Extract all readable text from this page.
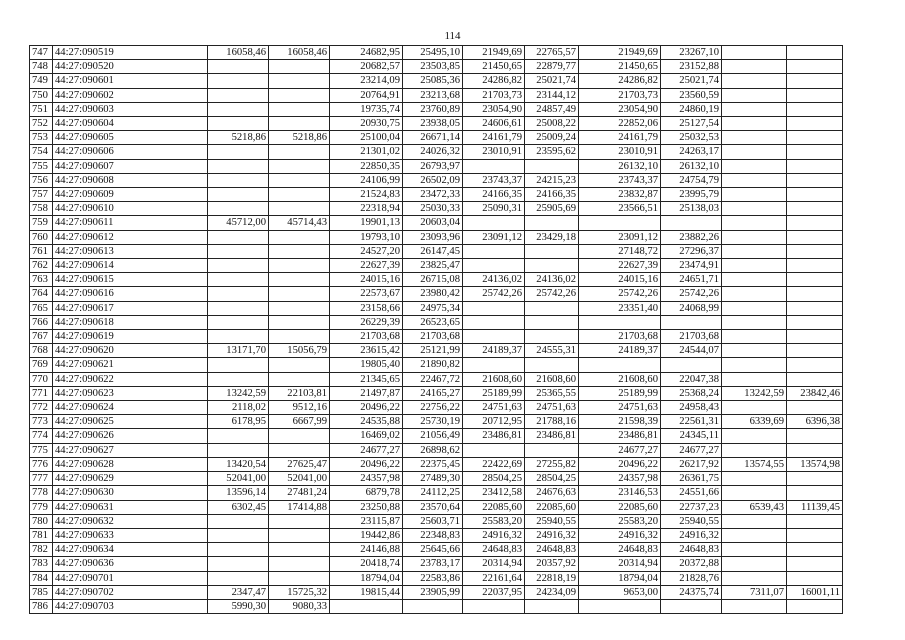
114
747	44:27:090519	16058,46	16058,46	24682,95	25495,10	21949,69	22765,57	21949,69	23267,10		
748	44:27:090520			20682,57	23503,85	21450,65	22879,77	21450,65	23152,88		
749	44:27:090601			23214,09	25085,36	24286,82	25021,74	24286,82	25021,74		
750	44:27:090602			20764,91	23213,68	21703,73	23144,12	21703,73	23560,59		
751	44:27:090603			19735,74	23760,89	23054,90	24857,49	23054,90	24860,19		
752	44:27:090604			20930,75	23938,05	24606,61	25008,22	22852,06	25127,54		
753	44:27:090605	5218,86	5218,86	25100,04	26671,14	24161,79	25009,24	24161,79	25032,53		
754	44:27:090606			21301,02	24026,32	23010,91	23595,62	23010,91	24263,17		
755	44:27:090607			22850,35	26793,97			26132,10	26132,10		
756	44:27:090608			24106,99	26502,09	23743,37	24215,23	23743,37	24754,79		
757	44:27:090609			21524,83	23472,33	24166,35	24166,35	23832,87	23995,79		
758	44:27:090610			22318,94	25030,33	25090,31	25905,69	23566,51	25138,03		
759	44:27:090611	45712,00	45714,43	19901,13	20603,04						
760	44:27:090612			19793,10	23093,96	23091,12	23429,18	23091,12	23882,26		
761	44:27:090613			24527,20	26147,45			27148,72	27296,37		
762	44:27:090614			22627,39	23825,47			22627,39	23474,91		
763	44:27:090615			24015,16	26715,08	24136,02	24136,02	24015,16	24651,71		
764	44:27:090616			22573,67	23980,42	25742,26	25742,26	25742,26	25742,26		
765	44:27:090617			23158,66	24975,34			23351,40	24068,99		
766	44:27:090618			26229,39	26523,65						
767	44:27:090619			21703,68	21703,68			21703,68	21703,68		
768	44:27:090620	13171,70	15056,79	23615,42	25121,99	24189,37	24555,31	24189,37	24544,07		
769	44:27:090621			19805,40	21890,82						
770	44:27:090622			21345,65	22467,72	21608,60	21608,60	21608,60	22047,38		
771	44:27:090623	13242,59	22103,81	21497,87	24165,27	25189,99	25365,55	25189,99	25368,24	13242,59	23842,46
772	44:27:090624	2118,02	9512,16	20496,22	22756,22	24751,63	24751,63	24751,63	24958,43		
773	44:27:090625	6178,95	6667,99	24535,88	25730,19	20712,95	21788,16	21598,39	22561,31	6339,69	6396,38
774	44:27:090626			16469,02	21056,49	23486,81	23486,81	23486,81	24345,11		
775	44:27:090627			24677,27	26898,62			24677,27	24677,27		
776	44:27:090628	13420,54	27625,47	20496,22	22375,45	22422,69	27255,82	20496,22	26217,92	13574,55	13574,98
777	44:27:090629	52041,00	52041,00	24357,98	27489,30	28504,25	28504,25	24357,98	26361,75		
778	44:27:090630	13596,14	27481,24	6879,78	24112,25	23412,58	24676,63	23146,53	24551,66		
779	44:27:090631	6302,45	17414,88	23250,88	23570,64	22085,60	22085,60	22085,60	22737,23	6539,43	11139,45
780	44:27:090632			23115,87	25603,71	25583,20	25940,55	25583,20	25940,55		
781	44:27:090633			19442,86	22348,83	24916,32	24916,32	24916,32	24916,32		
782	44:27:090634			24146,88	25645,66	24648,83	24648,83	24648,83	24648,83		
783	44:27:090636			20418,74	23783,17	20314,94	20357,92	20314,94	20372,88		
784	44:27:090701			18794,04	22583,86	22161,64	22818,19	18794,04	21828,76		
785	44:27:090702	2347,47	15725,32	19815,44	23905,99	22037,95	24234,09	9653,00	24375,74	7311,07	16001,11
786	44:27:090703	5990,30	9080,33								
